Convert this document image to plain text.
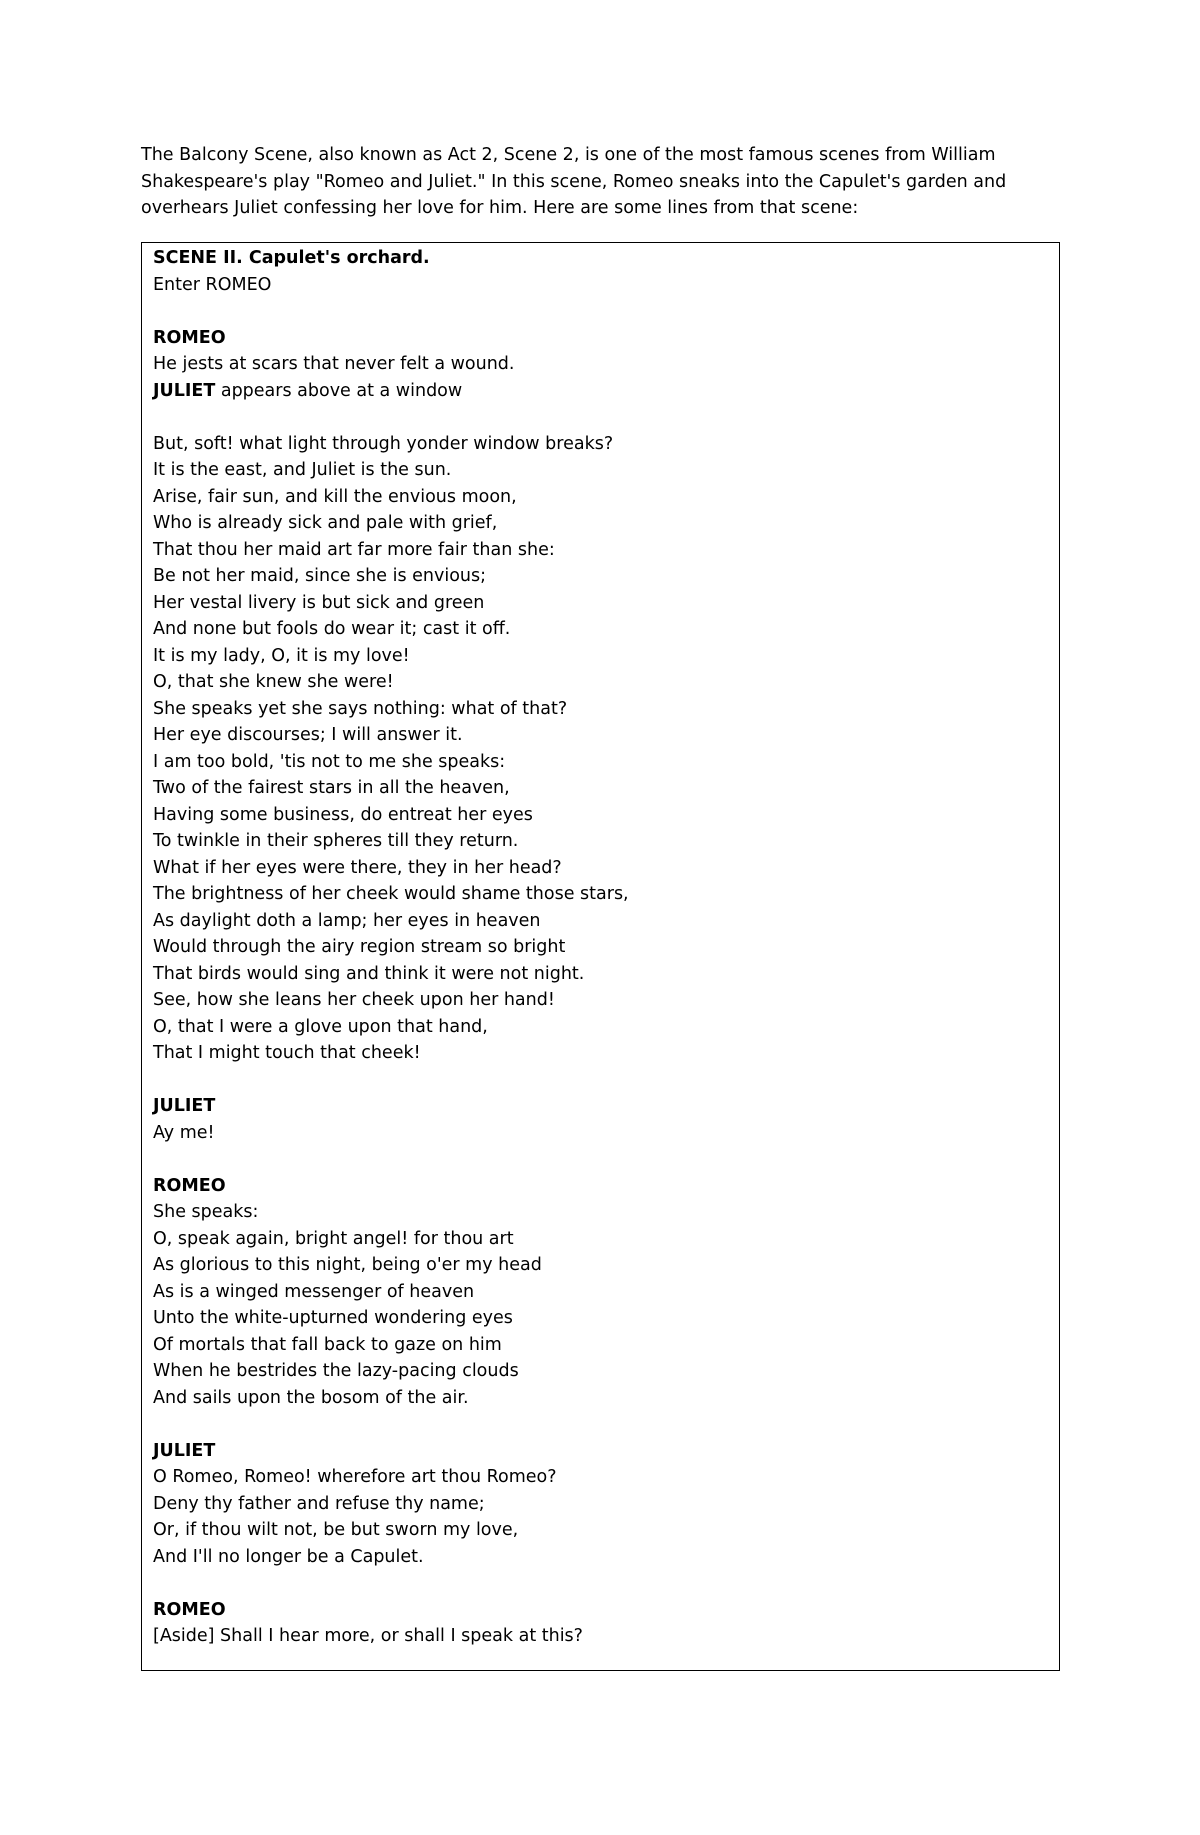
The Balcony Scene, also known as Act 2, Scene 2, is one of the most famous scenes from William Shakespeare's play "Romeo and Juliet." In this scene, Romeo sneaks into the Capulet's garden and overhears Juliet confessing her love for him. Here are some lines from that scene:

SCENE II. Capulet's orchard.
Enter ROMEO
ROMEO
He jests at scars that never felt a wound.
JULIET appears above at a window
But, soft! what light through yonder window breaks?
It is the east, and Juliet is the sun.
Arise, fair sun, and kill the envious moon,
Who is already sick and pale with grief,
That thou her maid art far more fair than she:
Be not her maid, since she is envious;
Her vestal livery is but sick and green
And none but fools do wear it; cast it off.
It is my lady, O, it is my love!
O, that she knew she were!
She speaks yet she says nothing: what of that?
Her eye discourses; I will answer it.
I am too bold, 'tis not to me she speaks:
Two of the fairest stars in all the heaven,
Having some business, do entreat her eyes
To twinkle in their spheres till they return.
What if her eyes were there, they in her head?
The brightness of her cheek would shame those stars,
As daylight doth a lamp; her eyes in heaven
Would through the airy region stream so bright
That birds would sing and think it were not night.
See, how she leans her cheek upon her hand!
O, that I were a glove upon that hand,
That I might touch that cheek!
JULIET
Ay me!
ROMEO
She speaks:
O, speak again, bright angel! for thou art
As glorious to this night, being o'er my head
As is a winged messenger of heaven
Unto the white-upturned wondering eyes
Of mortals that fall back to gaze on him
When he bestrides the lazy-pacing clouds
And sails upon the bosom of the air.
JULIET
O Romeo, Romeo! wherefore art thou Romeo?
Deny thy father and refuse thy name;
Or, if thou wilt not, be but sworn my love,
And I'll no longer be a Capulet.
ROMEO
[Aside] Shall I hear more, or shall I speak at this?
